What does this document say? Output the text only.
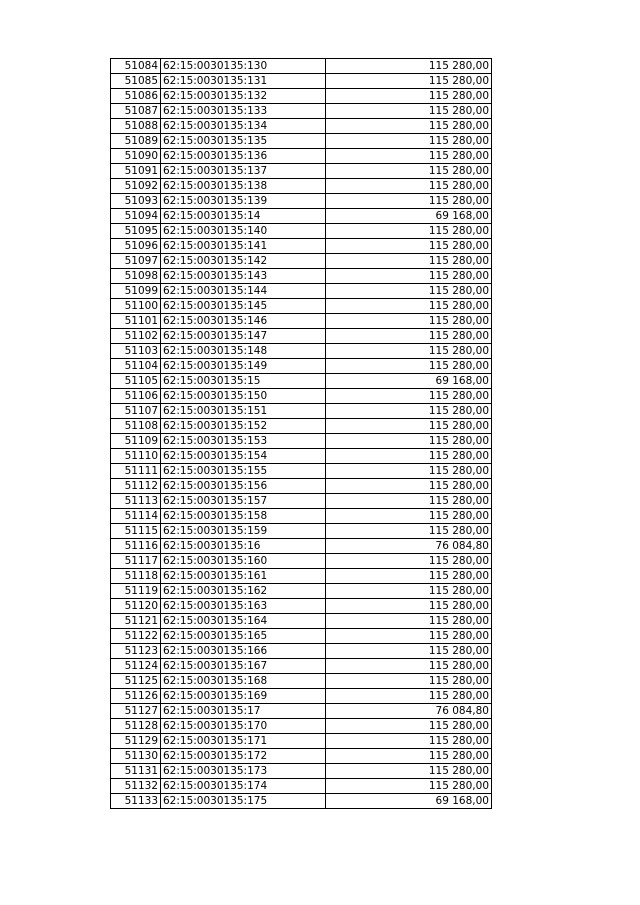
51084	62:15:0030135:130	115 280,00
51085	62:15:0030135:131	115 280,00
51086	62:15:0030135:132	115 280,00
51087	62:15:0030135:133	115 280,00
51088	62:15:0030135:134	115 280,00
51089	62:15:0030135:135	115 280,00
51090	62:15:0030135:136	115 280,00
51091	62:15:0030135:137	115 280,00
51092	62:15:0030135:138	115 280,00
51093	62:15:0030135:139	115 280,00
51094	62:15:0030135:14	69 168,00
51095	62:15:0030135:140	115 280,00
51096	62:15:0030135:141	115 280,00
51097	62:15:0030135:142	115 280,00
51098	62:15:0030135:143	115 280,00
51099	62:15:0030135:144	115 280,00
51100	62:15:0030135:145	115 280,00
51101	62:15:0030135:146	115 280,00
51102	62:15:0030135:147	115 280,00
51103	62:15:0030135:148	115 280,00
51104	62:15:0030135:149	115 280,00
51105	62:15:0030135:15	69 168,00
51106	62:15:0030135:150	115 280,00
51107	62:15:0030135:151	115 280,00
51108	62:15:0030135:152	115 280,00
51109	62:15:0030135:153	115 280,00
51110	62:15:0030135:154	115 280,00
51111	62:15:0030135:155	115 280,00
51112	62:15:0030135:156	115 280,00
51113	62:15:0030135:157	115 280,00
51114	62:15:0030135:158	115 280,00
51115	62:15:0030135:159	115 280,00
51116	62:15:0030135:16	76 084,80
51117	62:15:0030135:160	115 280,00
51118	62:15:0030135:161	115 280,00
51119	62:15:0030135:162	115 280,00
51120	62:15:0030135:163	115 280,00
51121	62:15:0030135:164	115 280,00
51122	62:15:0030135:165	115 280,00
51123	62:15:0030135:166	115 280,00
51124	62:15:0030135:167	115 280,00
51125	62:15:0030135:168	115 280,00
51126	62:15:0030135:169	115 280,00
51127	62:15:0030135:17	76 084,80
51128	62:15:0030135:170	115 280,00
51129	62:15:0030135:171	115 280,00
51130	62:15:0030135:172	115 280,00
51131	62:15:0030135:173	115 280,00
51132	62:15:0030135:174	115 280,00
51133	62:15:0030135:175	69 168,00
